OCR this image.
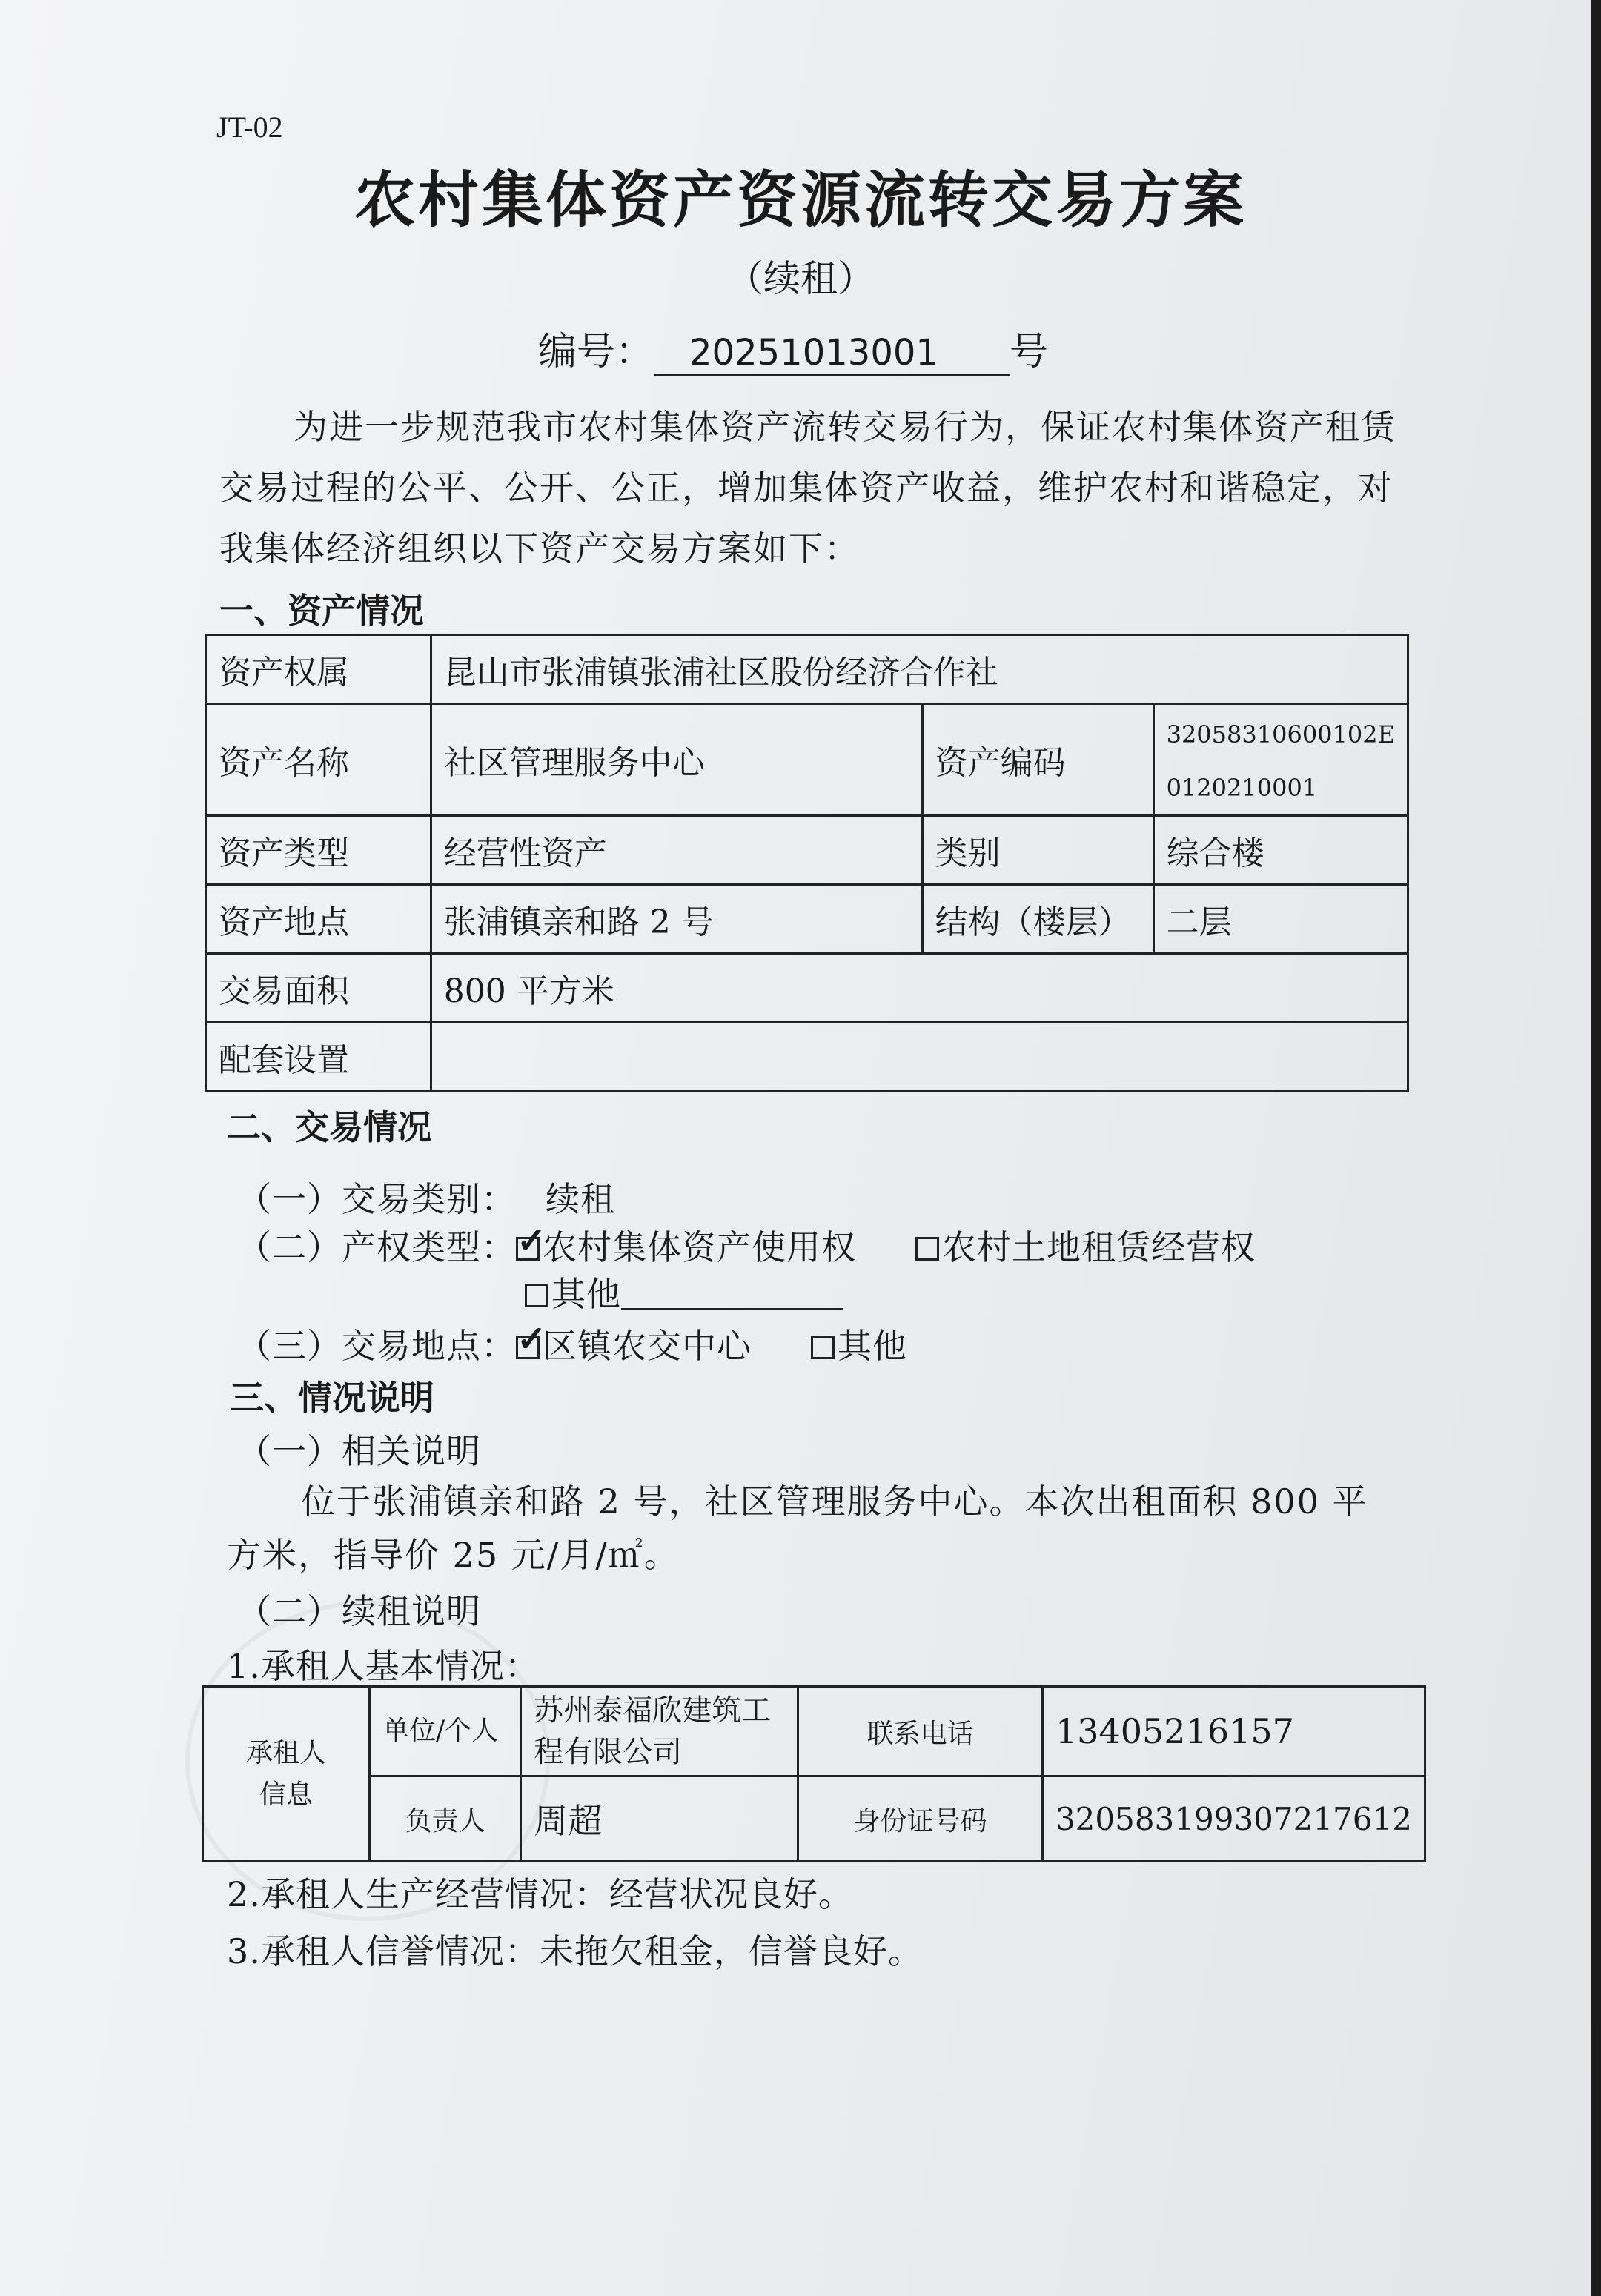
JT-02
农村集体资产资源流转交易方案
（续租）
编号： 20251013001 号
为进一步规范我市农村集体资产流转交易行为，保证农村集体资产租赁交易过程的公平、公开、公正，增加集体资产收益，维护农村和谐稳定，对我集体经济组织以下资产交易方案如下：
一、资产情况
资产权属	昆山市张浦镇张浦社区股份经济合作社		
资产名称	社区管理服务中心	资产编码	32058310600102E
0120210001

资产类型	经营性资产	类别	综合楼
资产地点	张浦镇亲和路 2 号	结构（楼层）	二层
交易面积	800 平方米		
配套设置			
二、交易情况
（一）交易类别： 续租
（二）产权类型： ✓ 农村集体资产使用权	农村土地租赁经营权
其他
（三）交易地点： ✓ 区镇农交中心	其他
三、情况说明
（一）相关说明
位于张浦镇亲和路 2 号，社区管理服务中心。本次出租面积 800 平方米，指导价 25 元/月/㎡。
（二）续租说明
1.承租人基本情况：
承租人信息	单位/个人	苏州泰福欣建筑工程有限公司	联系电话	13405216157
	负责人	周超	身份证号码	320583199307217612
2.承租人生产经营情况：经营状况良好。
3.承租人信誉情况：未拖欠租金，信誉良好。
